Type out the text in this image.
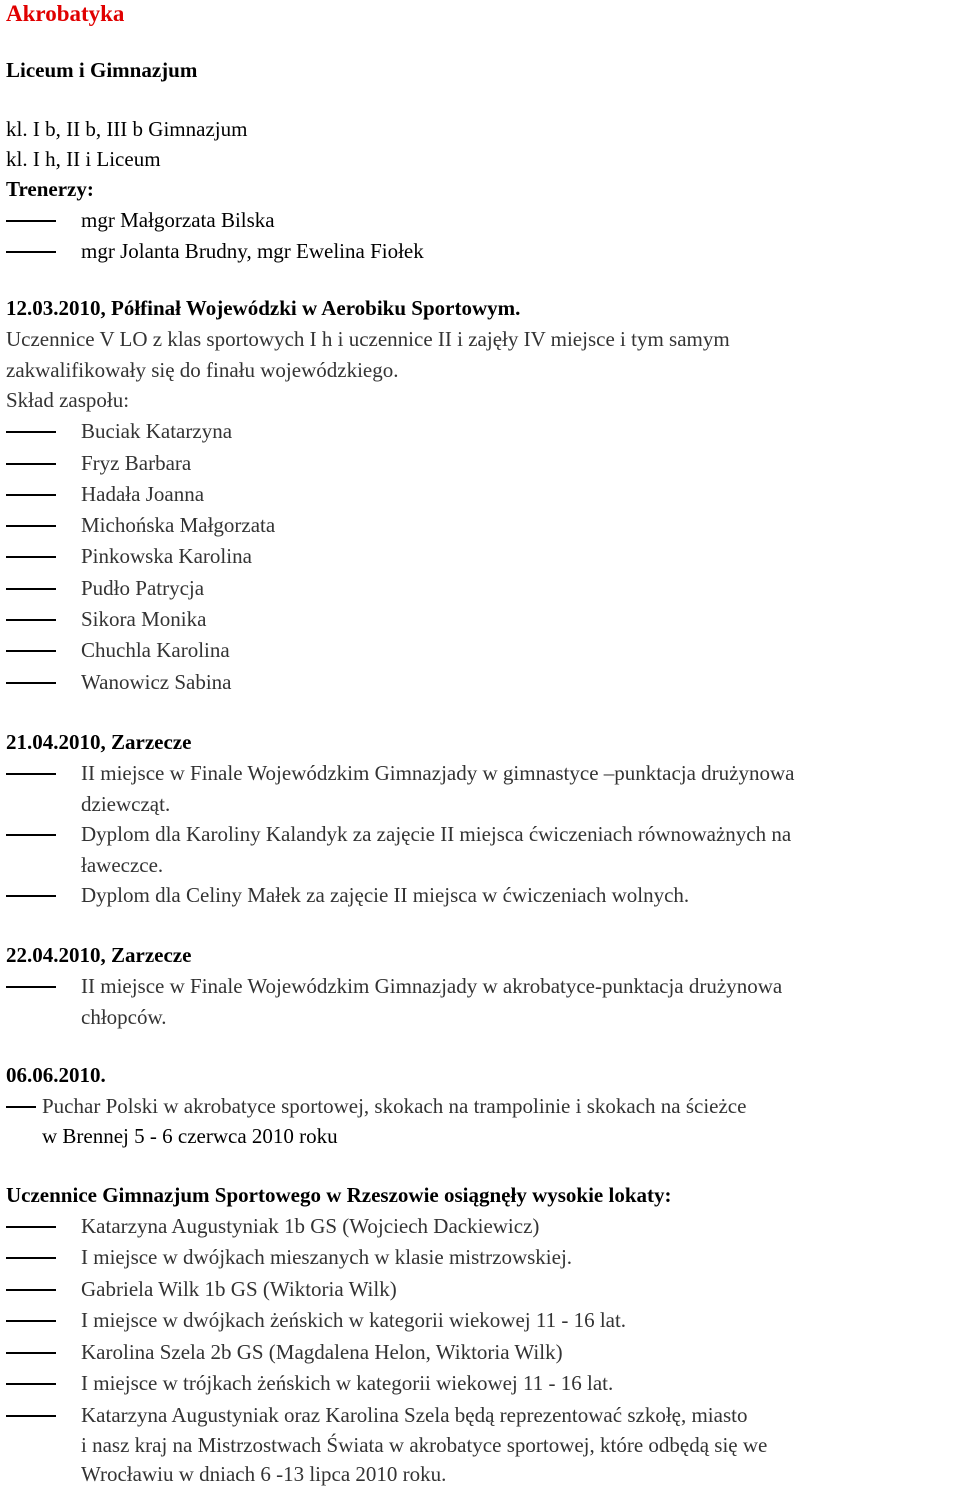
Akrobatyka
Liceum i Gimnazjum
kl. I b, II b, III b Gimnazjum
kl. I h, II i Liceum
Trenerzy:
mgr Małgorzata Bilska
mgr Jolanta Brudny, mgr Ewelina Fiołek
12.03.2010, Półfinał Wojewódzki w Aerobiku Sportowym.
Uczennice V LO z klas sportowych I h i uczennice II i zajęły IV miejsce i tym samym
zakwalifikowały się do finału wojewódzkiego.
Skład zaspołu:
Buciak Katarzyna
Fryz Barbara
Hadała Joanna
Michońska Małgorzata
Pinkowska Karolina
Pudło Patrycja
Sikora Monika
Chuchla Karolina
Wanowicz Sabina
21.04.2010, Zarzecze
II miejsce w Finale Wojewódzkim Gimnazjady w gimnastyce –punktacja drużynowa
dziewcząt.
Dyplom dla Karoliny Kalandyk za zajęcie II miejsca ćwiczeniach równoważnych na
ławeczce.
Dyplom dla Celiny Małek za zajęcie II miejsca w ćwiczeniach wolnych.
22.04.2010, Zarzecze
II miejsce w Finale Wojewódzkim Gimnazjady w akrobatyce-punktacja drużynowa
chłopców.
06.06.2010.
Puchar Polski w akrobatyce sportowej, skokach na trampolinie i skokach na ścieżce
w Brennej 5 - 6 czerwca 2010 roku
Uczennice Gimnazjum Sportowego w Rzeszowie osiągnęły wysokie lokaty:
Katarzyna Augustyniak 1b GS (Wojciech Dackiewicz)
I miejsce w dwójkach mieszanych w klasie mistrzowskiej.
Gabriela Wilk 1b GS (Wiktoria Wilk)
I miejsce w dwójkach żeńskich w kategorii wiekowej 11 - 16 lat.
Karolina Szela 2b GS (Magdalena Helon, Wiktoria Wilk)
I miejsce w trójkach żeńskich w kategorii wiekowej 11 - 16 lat.
Katarzyna Augustyniak oraz Karolina Szela będą reprezentować szkołę, miasto
i nasz kraj na Mistrzostwach Świata w akrobatyce sportowej, które odbędą się we
Wrocławiu w dniach 6 -13 lipca 2010 roku.
